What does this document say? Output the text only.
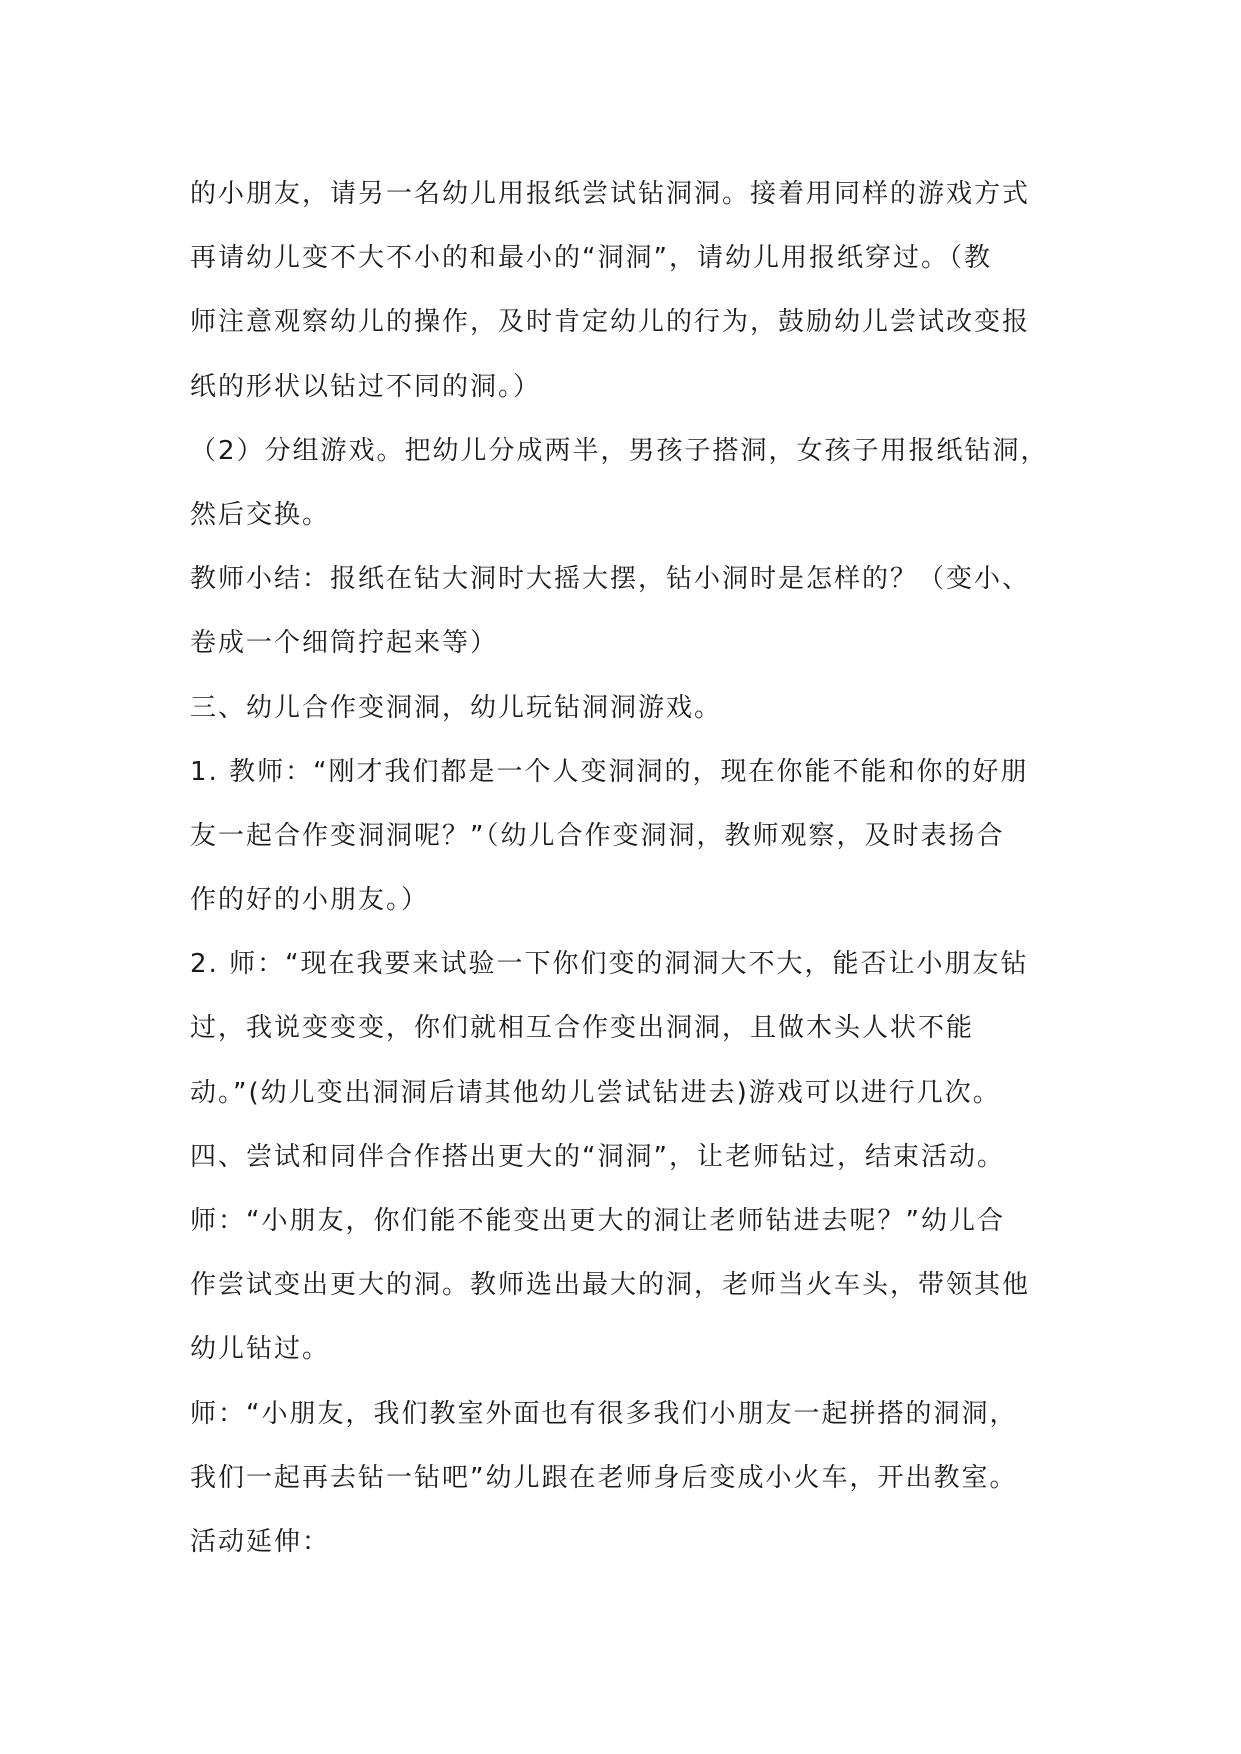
的小朋友，请另一名幼儿用报纸尝试钻洞洞。接着用同样的游戏方式
再请幼儿变不大不小的和最小的“洞洞”，请幼儿用报纸穿过。（教
师注意观察幼儿的操作，及时肯定幼儿的行为，鼓励幼儿尝试改变报
纸的形状以钻过不同的洞。）
（2）分组游戏。把幼儿分成两半，男孩子搭洞，女孩子用报纸钻洞，
然后交换。
教师小结：报纸在钻大洞时大摇大摆，钻小洞时是怎样的？（变小、
卷成一个细筒拧起来等）
三、幼儿合作变洞洞，幼儿玩钻洞洞游戏。
1. 教师：“刚才我们都是一个人变洞洞的，现在你能不能和你的好朋
友一起合作变洞洞呢？”（幼儿合作变洞洞，教师观察，及时表扬合
作的好的小朋友。）
2. 师：“现在我要来试验一下你们变的洞洞大不大，能否让小朋友钻
过，我说变变变，你们就相互合作变出洞洞，且做木头人状不能
动。”(幼儿变出洞洞后请其他幼儿尝试钻进去)游戏可以进行几次。
四、尝试和同伴合作搭出更大的“洞洞”，让老师钻过，结束活动。
师：“小朋友，你们能不能变出更大的洞让老师钻进去呢？”幼儿合
作尝试变出更大的洞。教师选出最大的洞，老师当火车头，带领其他
幼儿钻过。
师：“小朋友，我们教室外面也有很多我们小朋友一起拼搭的洞洞，
我们一起再去钻一钻吧”幼儿跟在老师身后变成小火车，开出教室。
活动延伸：
